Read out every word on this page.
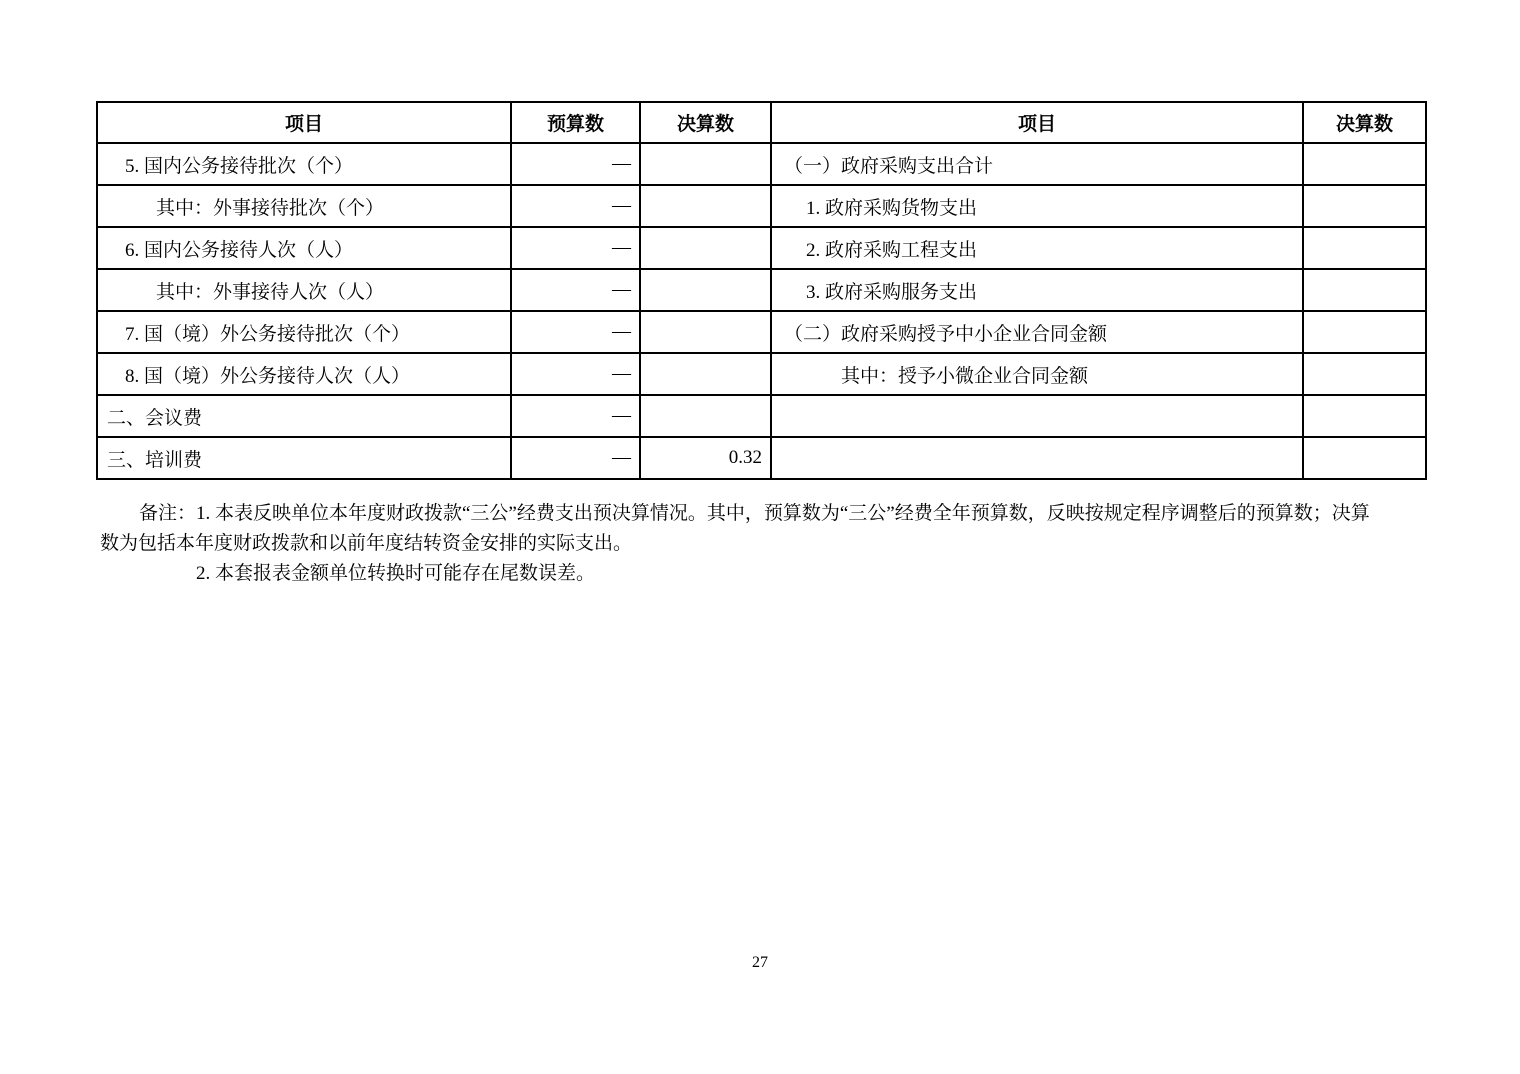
项目	预算数	决算数	项目	决算数
5. 国内公务接待批次（个）	—		（一）政府采购支出合计	
其中：外事接待批次（个）	—		1. 政府采购货物支出	
6. 国内公务接待人次（人）	—		2. 政府采购工程支出	
其中：外事接待人次（人）	—		3. 政府采购服务支出	
7. 国（境）外公务接待批次（个）	—		（二）政府采购授予中小企业合同金额	
8. 国（境）外公务接待人次（人）	—		其中：授予小微企业合同金额	
二、会议费	—			
三、培训费	—	0.32		
备注：1. 本表反映单位本年度财政拨款“三公”经费支出预决算情况。其中，预算数为“三公”经费全年预算数，反映按规定程序调整后的预算数；决算
数为包括本年度财政拨款和以前年度结转资金安排的实际支出。
2. 本套报表金额单位转换时可能存在尾数误差。
27
